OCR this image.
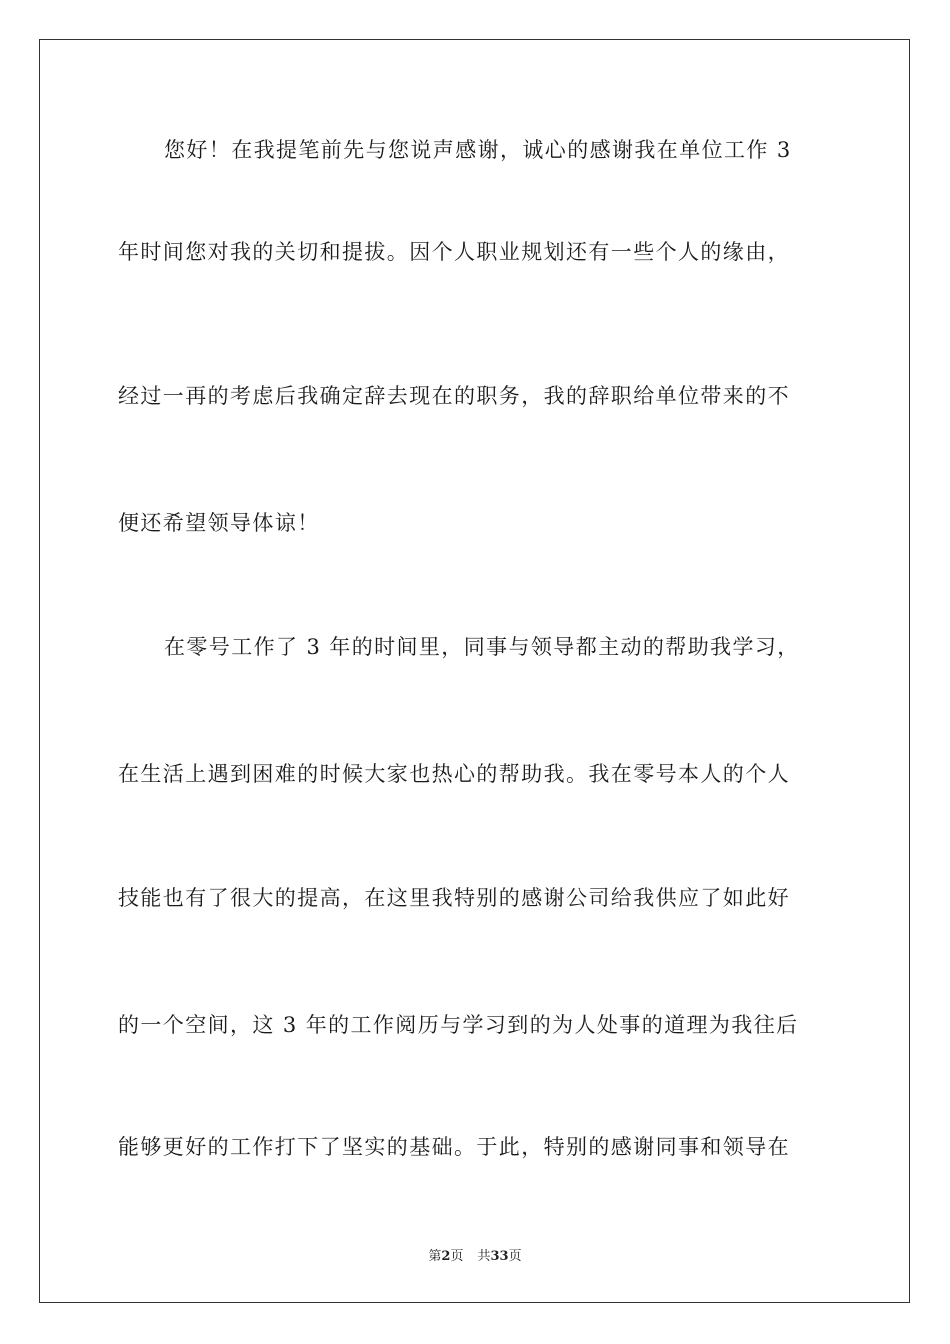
您好！在我提笔前先与您说声感谢，诚心的感谢我在单位工作 3
年时间您对我的关切和提拔。因个人职业规划还有一些个人的缘由，
经过一再的考虑后我确定辞去现在的职务，我的辞职给单位带来的不
便还希望领导体谅！
在零号工作了 3 年的时间里，同事与领导都主动的帮助我学习，
在生活上遇到困难的时候大家也热心的帮助我。我在零号本人的个人
技能也有了很大的提高，在这里我特别的感谢公司给我供应了如此好
的一个空间，这 3 年的工作阅历与学习到的为人处事的道理为我往后
能够更好的工作打下了坚实的基础。于此，特别的感谢同事和领导在
第2页 共33页
